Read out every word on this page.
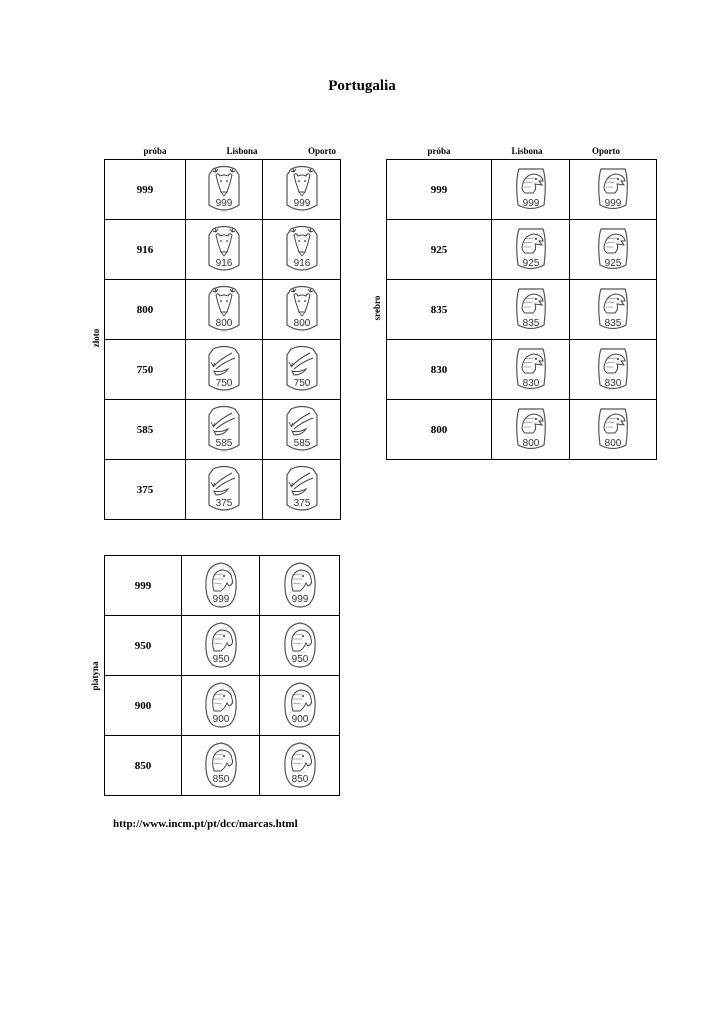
Portugalia
próba	Lisbona	Oporto	próba	Lisbona	Oporto
złoto
srebro
platyna
999	999	999

916	916	916

800	800	800

750	750	750

585	585	585

375	375	375
999	999	999

925	925	925

835	835	835

830	830	830

800	800	800
999	999	999

950	950	950

900	900	900

850	850	850
http://www.incm.pt/pt/dcc/marcas.html
